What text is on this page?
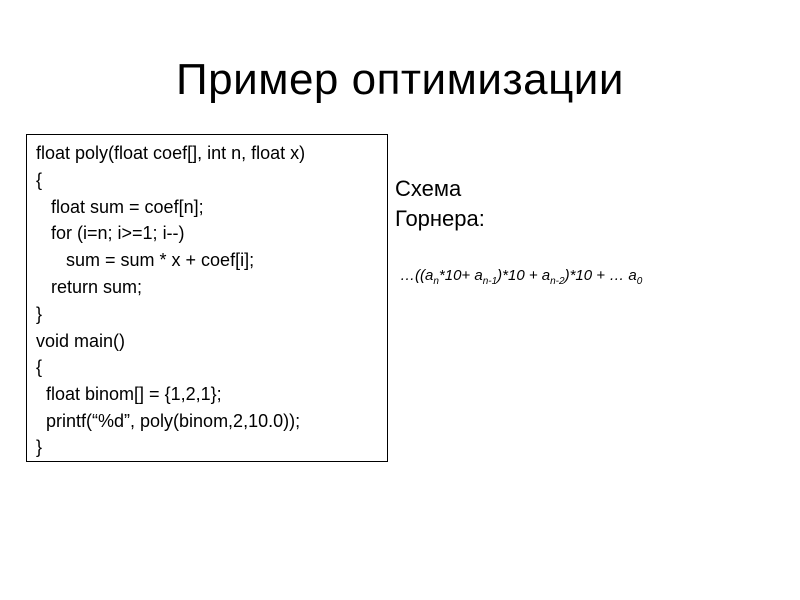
Пример оптимизации
float poly(float coef[], int n, float x)
{
float sum = coef[n];
for (i=n; i>=1; i--)
sum = sum * x + coef[i];
return sum;
}
void main()
{
float binom[] = {1,2,1};
printf(“%d”, poly(binom,2,10.0));
}
Схема
Горнера:
$\dots((a_n*10+ a_{n-1})*10 + a_{n-2})*10$ + … $a_0$
